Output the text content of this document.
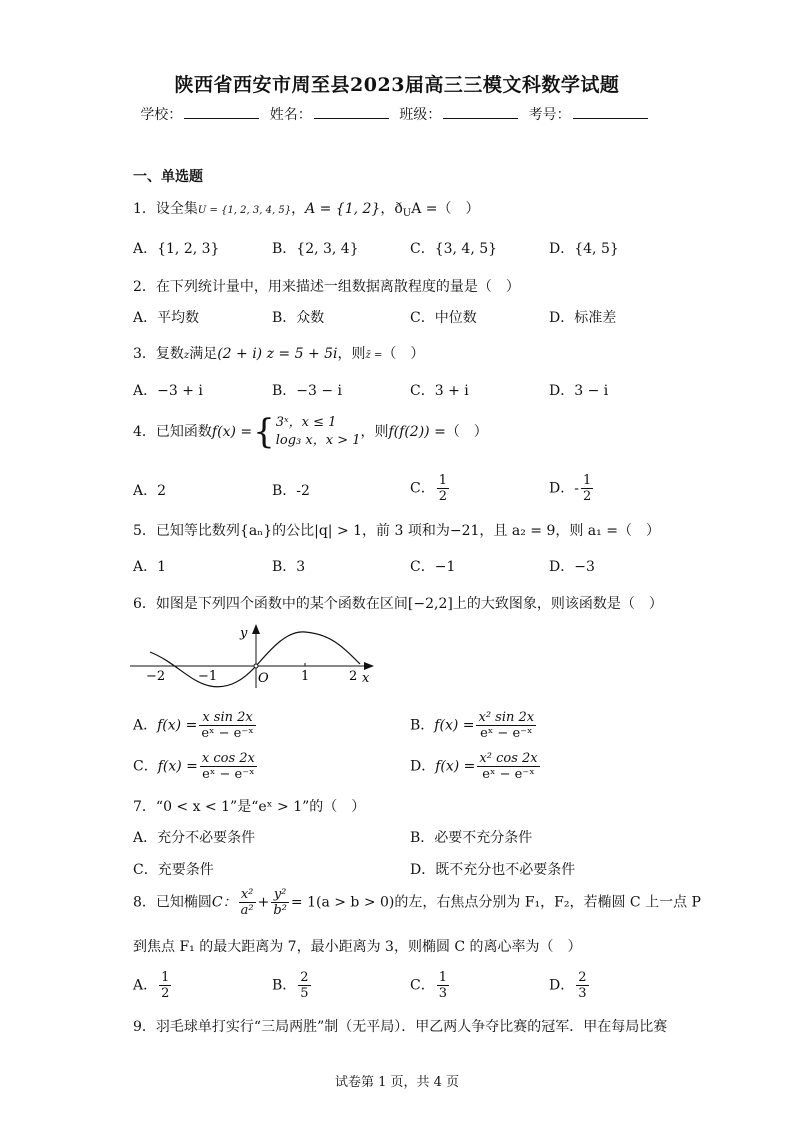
陕西省西安市周至县2023届高三三模文科数学试题
学校：	姓名：	班级：	考号：
一、单选题
1．设全集U = {1, 2, 3, 4, 5}，A = {1, 2}，$ð_UA$ =（　）
A．{1, 2, 3}	B．{2, 3, 4}	C．{3, 4, 5}	D．{4, 5}
2．在下列统计量中，用来描述一组数据离散程度的量是（　）
A．平均数	B．众数	C．中位数	D．标准差
3．复数z满足(2 + i) z = 5 + 5i，则z̄ =（　）
A．−3 + i	B．−3 − i	C．3 + i	D．3 − i
4．已知函数f(x) ={ 3ˣ，x ≤ 1
log₃ x，x > 1
，则f(f(2)) =（　）
A．2	B．-2	C． $\frac{1}{2}$	D．- $\frac{1}{2}$
5．已知等比数列{aₙ}的公比|q| > 1，前 3 项和为−21，且 a₂ = 9，则 a₁ =（　）
A．1	B．3	C．−1	D．−3
6．如图是下列四个函数中的某个函数在区间[−2,2]上的大致图象，则该函数是（　）
y
x
O
−2	−1	1	2
A．$f(x) = \frac{\text{x sin 2x}}{\text{eˣ − e⁻ˣ}}$	B．$f(x) = \frac{\text{x² sin 2x}}{\text{eˣ − e⁻ˣ}}$
C．$f(x) = \frac{\text{x cos 2x}}{\text{eˣ − e⁻ˣ}}$	D．$f(x) = \frac{\text{x² cos 2x}}{\text{eˣ − e⁻ˣ}}$
7．“0 < x < 1”是“eˣ > 1”的（　）
A．充分不必要条件	B．必要不充分条件
C．充要条件	D．既不充分也不必要条件
8．已知椭圆C： $\frac{\text{x²}}{\text{a²}} + \frac{\text{y²}}{\text{b²}} = 1(a > b > 0)$的左，右焦点分别为 F₁，F₂，若椭圆 C 上一点 P
到焦点 F₁ 的最大距离为 7，最小距离为 3，则椭圆 C 的离心率为（　）
A． $\frac{1}{2}$	B． $\frac{2}{5}$	C． $\frac{1}{3}$	D． $\frac{2}{3}$
9．羽毛球单打实行“三局两胜”制（无平局）．甲乙两人争夺比赛的冠军．甲在每局比赛
试卷第 1 页，共 4 页
